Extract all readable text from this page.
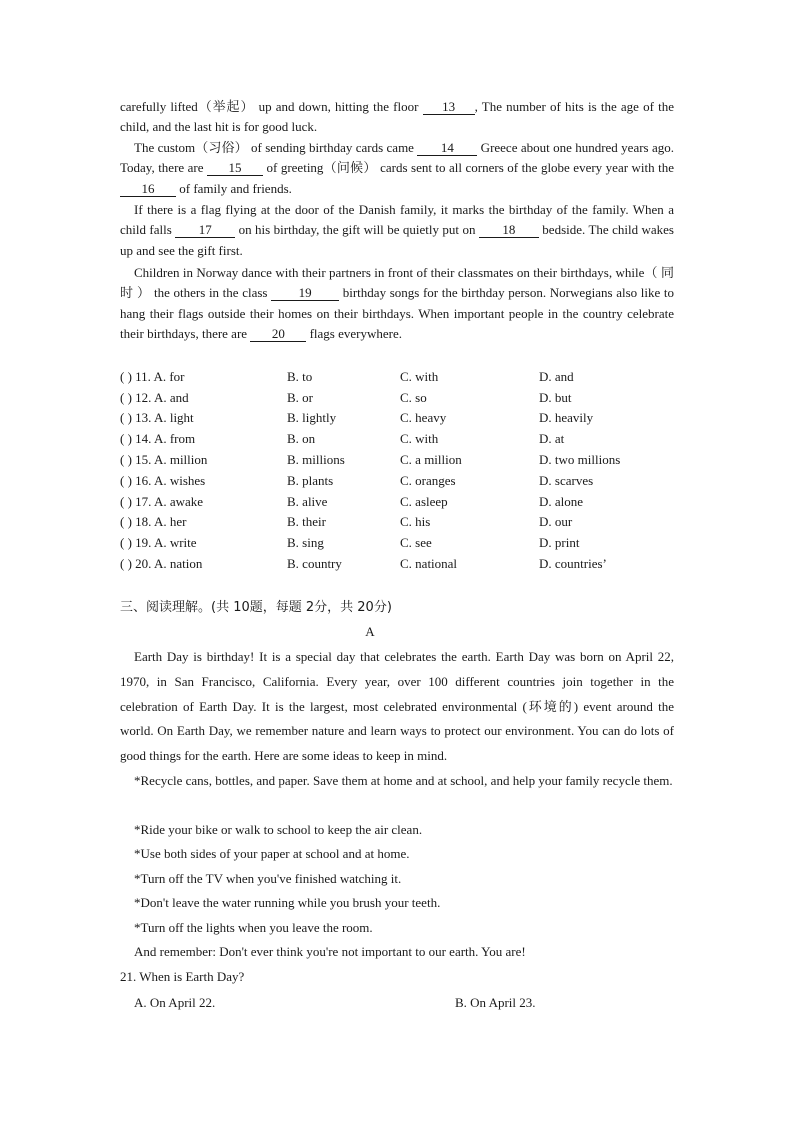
carefully lifted（举起） up and down, hitting the floor 13 , The number of hits is the age of the child, and the last hit is for good luck.
The custom（习俗） of sending birthday cards came 14 Greece about one hundred years ago. Today, there are 15 of greeting（问候） cards sent to all corners of the globe every year with the 16 of family and friends.
If there is a flag flying at the door of the Danish family, it marks the birthday of the family. When a child falls 17 on his birthday, the gift will be quietly put on 18 bedside. The child wakes up and see the gift first.
Children in Norway dance with their partners in front of their classmates on their birthdays, while（ 同时 ） the others in the class 19 birthday songs for the birthday person. Norwegians also like to hang their flags outside their homes on their birthdays. When important people in the country celebrate their birthdays, there are 20 flags everywhere.
( ) 11. A. for	B. to	C. with	D. and
( ) 12. A. and	B. or	C. so	D. but
( ) 13. A. light	B. lightly	C. heavy	D. heavily
( ) 14. A. from	B. on	C. with	D. at
( ) 15. A. million	B. millions	C. a million	D. two millions
( ) 16. A. wishes	B. plants	C. oranges	D. scarves
( ) 17. A. awake	B. alive	C. asleep	D. alone
( ) 18. A. her	B. their	C. his	D. our
( ) 19. A. write	B. sing	C. see	D. print
( ) 20. A. nation	B. country	C. national	D. countries’
三、阅读理解。(共 10题，每题 2分，共 20分)
A
Earth Day is birthday! It is a special day that celebrates the earth. Earth Day was born on April 22, 1970, in San Francisco, California. Every year, over 100 different countries join together in the celebration of Earth Day. It is the largest, most celebrated environmental (环境的) event around the world. On Earth Day, we remember nature and learn ways to protect our environment. You can do lots of good things for the earth. Here are some ideas to keep in mind.
*Recycle cans, bottles, and paper. Save them at home and at school, and help your family recycle them.
*Ride your bike or walk to school to keep the air clean.
*Use both sides of your paper at school and at home.
*Turn off the TV when you've finished watching it.
*Don't leave the water running while you brush your teeth.
*Turn off the lights when you leave the room.
And remember: Don't ever think you're not important to our earth. You are!
21. When is Earth Day?
A. On April 22.	B. On April 23.
